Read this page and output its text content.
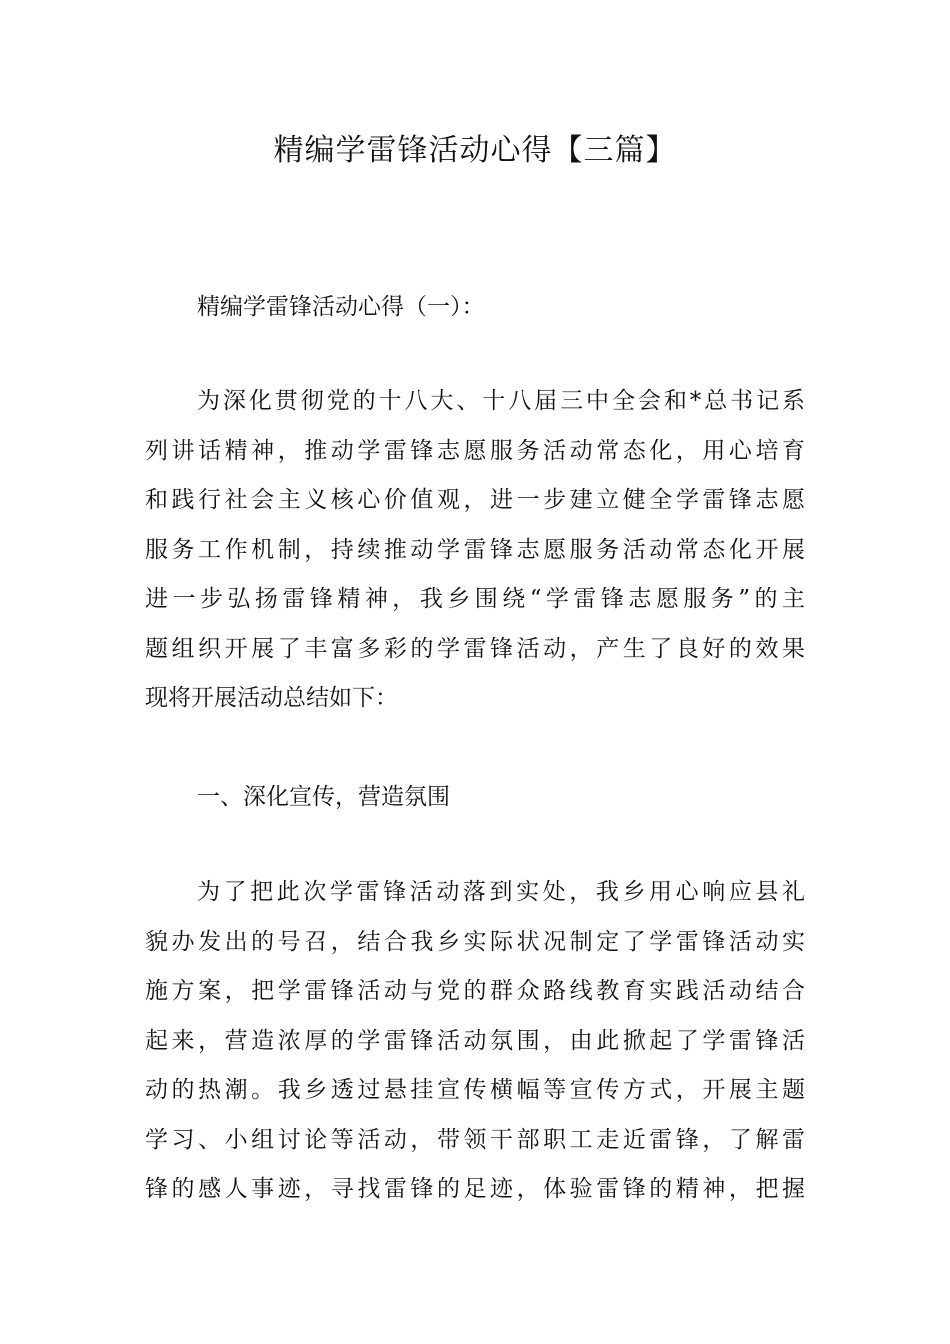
精编学雷锋活动心得【三篇】
精编学雷锋活动心得（一）：
为深化贯彻党的十八大、十八届三中全会和*总书记系
列讲话精神，推动学雷锋志愿服务活动常态化，用心培育
和践行社会主义核心价值观，进一步建立健全学雷锋志愿
服务工作机制，持续推动学雷锋志愿服务活动常态化开展
进一步弘扬雷锋精神，我乡围绕“学雷锋志愿服务”的主
题组织开展了丰富多彩的学雷锋活动，产生了良好的效果
现将开展活动总结如下：
一、深化宣传，营造氛围
为了把此次学雷锋活动落到实处，我乡用心响应县礼
貌办发出的号召，结合我乡实际状况制定了学雷锋活动实
施方案，把学雷锋活动与党的群众路线教育实践活动结合
起来，营造浓厚的学雷锋活动氛围，由此掀起了学雷锋活
动的热潮。我乡透过悬挂宣传横幅等宣传方式，开展主题
学习、小组讨论等活动，带领干部职工走近雷锋，了解雷
锋的感人事迹，寻找雷锋的足迹，体验雷锋的精神，把握
